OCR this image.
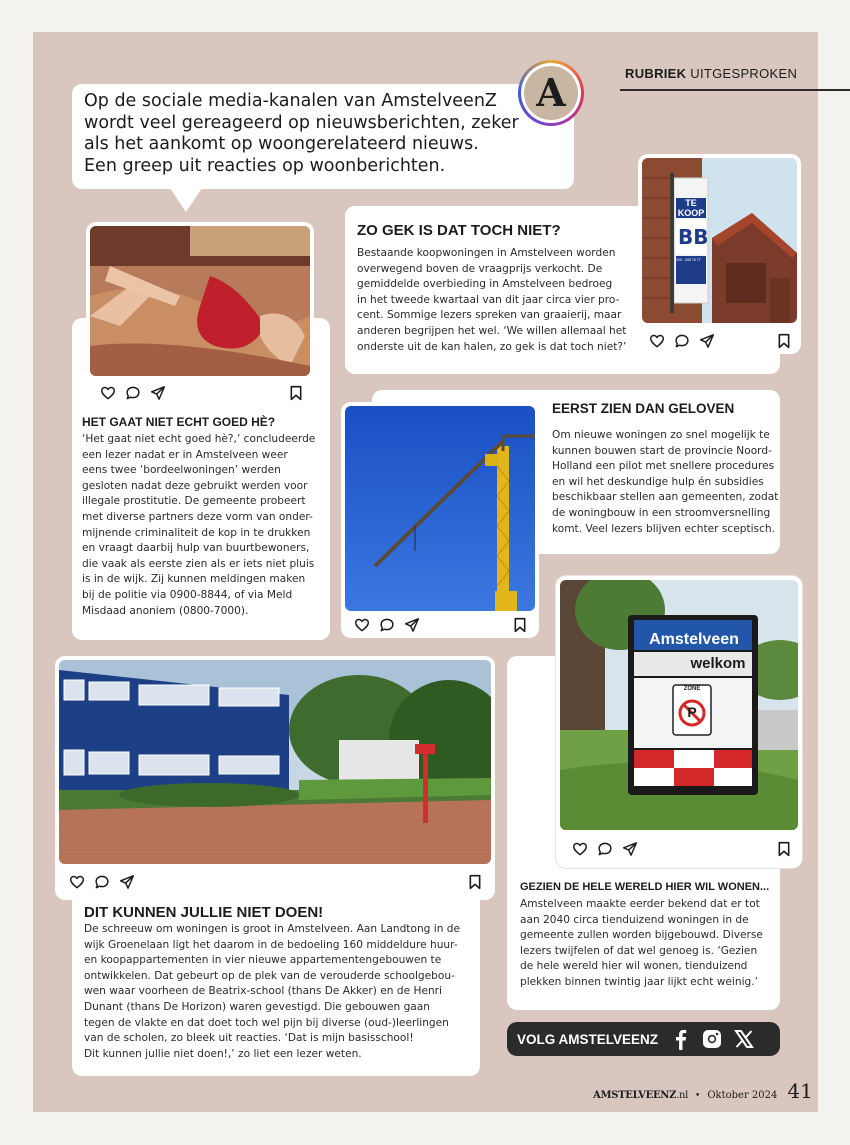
RUBRIEK UITGESPROKEN
Op de sociale media-kanalen van AmstelveenZ
wordt veel gereageerd op nieuwsberichten, zeker
als het aankomt op woongerelateerd nieuws.
Een greep uit reacties op woonberichten.
A
HET GAAT NIET ECHT GOED HÈ?
‘Het gaat niet echt goed hè?,’ concludeerde
een lezer nadat er in Amstelveen weer
eens twee ‘bordeelwoningen’ werden
gesloten nadat deze gebruikt werden voor
illegale prostitutie. De gemeente probeert
met diverse partners deze vorm van onder-
mijnende criminaliteit de kop in te drukken
en vraagt daarbij hulp van buurtbewoners,
die vaak als eerste zien als er iets niet pluis
is in de wijk. Zij kunnen meldingen maken
bij de politie via 0900-8844, of via Meld
Misdaad anoniem (0800-7000).
ZO GEK IS DAT TOCH NIET?
Bestaande koopwoningen in Amstelveen worden
overwegend boven de vraagprijs verkocht. De
gemiddelde overbieding in Amstelveen bedroeg
in het tweede kwartaal van dit jaar circa vier pro-
cent. Sommige lezers spreken van graaierij, maar
anderen begrijpen het wel. ‘We willen allemaal het
onderste uit de kan halen, zo gek is dat toch niet?’
TE
KOOP
BB
020 - 345 76 77
EERST ZIEN DAN GELOVEN
Om nieuwe woningen zo snel mogelijk te
kunnen bouwen start de provincie Noord-
Holland een pilot met snellere procedures
en wil het deskundige hulp én subsidies
beschikbaar stellen aan gemeenten, zodat
de woningbouw in een stroomversnelling
komt. Veel lezers blijven echter sceptisch.
DIT KUNNEN JULLIE NIET DOEN!
De schreeuw om woningen is groot in Amstelveen. Aan Landtong in de
wijk Groenelaan ligt het daarom in de bedoeling 160 middeldure huur-
en koopappartementen in vier nieuwe appartementengebouwen te
ontwikkelen. Dat gebeurt op de plek van de verouderde schoolgebou-
wen waar voorheen de Beatrix-school (thans De Akker) en de Henri
Dunant (thans De Horizon) waren gevestigd. Die gebouwen gaan
tegen de vlakte en dat doet toch wel pijn bij diverse (oud-)leerlingen
van de scholen, zo bleek uit reacties. ‘Dat is mijn basisschool!
Dit kunnen jullie niet doen!,’ zo liet een lezer weten.
Amstelveen
welkom
ZONE
P
GEZIEN DE HELE WERELD HIER WIL WONEN...
Amstelveen maakte eerder bekend dat er tot
aan 2040 circa tienduizend woningen in de
gemeente zullen worden bijgebouwd. Diverse
lezers twijfelen of dat wel genoeg is. ‘Gezien
de hele wereld hier wil wonen, tienduizend
plekken binnen twintig jaar lijkt echt weinig.’
VOLG AMSTELVEENZ
AMSTELVEENZ.nl • Oktober 2024 41
